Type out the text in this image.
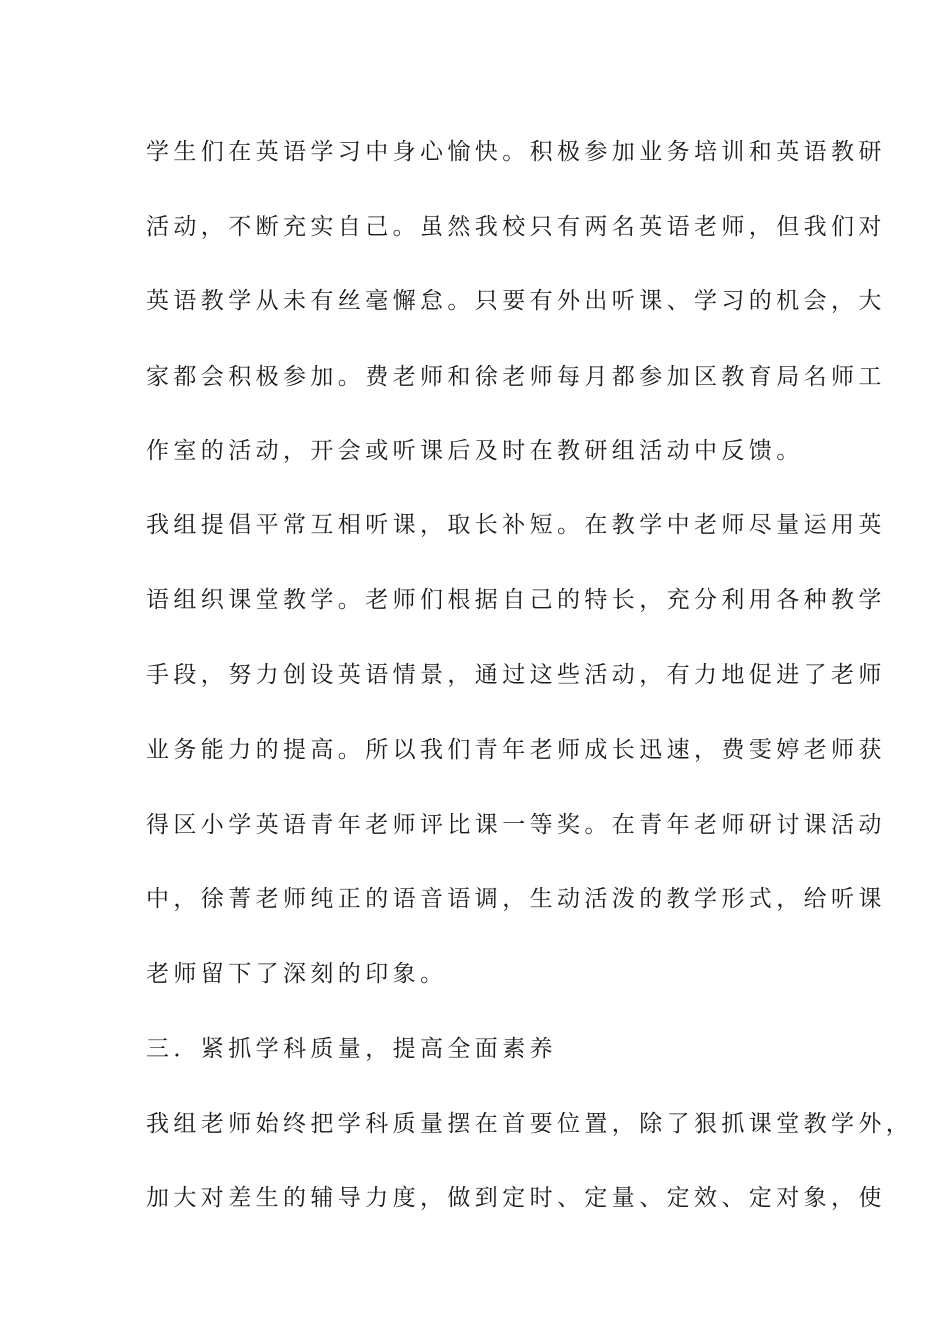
学生们在英语学习中身心愉快。积极参加业务培训和英语教研
活动，不断充实自己。虽然我校只有两名英语老师，但我们对
英语教学从未有丝毫懈怠。只要有外出听课、学习的机会，大
家都会积极参加。费老师和徐老师每月都参加区教育局名师工
作室的活动，开会或听课后及时在教研组活动中反馈。
我组提倡平常互相听课，取长补短。在教学中老师尽量运用英
语组织课堂教学。老师们根据自己的特长，充分利用各种教学
手段，努力创设英语情景，通过这些活动，有力地促进了老师
业务能力的提高。所以我们青年老师成长迅速，费雯婷老师获
得区小学英语青年老师评比课一等奖。在青年老师研讨课活动
中，徐菁老师纯正的语音语调，生动活泼的教学形式，给听课
老师留下了深刻的印象。
三．紧抓学科质量，提高全面素养
我组老师始终把学科质量摆在首要位置，除了狠抓课堂教学外，
加大对差生的辅导力度，做到定时、定量、定效、定对象，使
